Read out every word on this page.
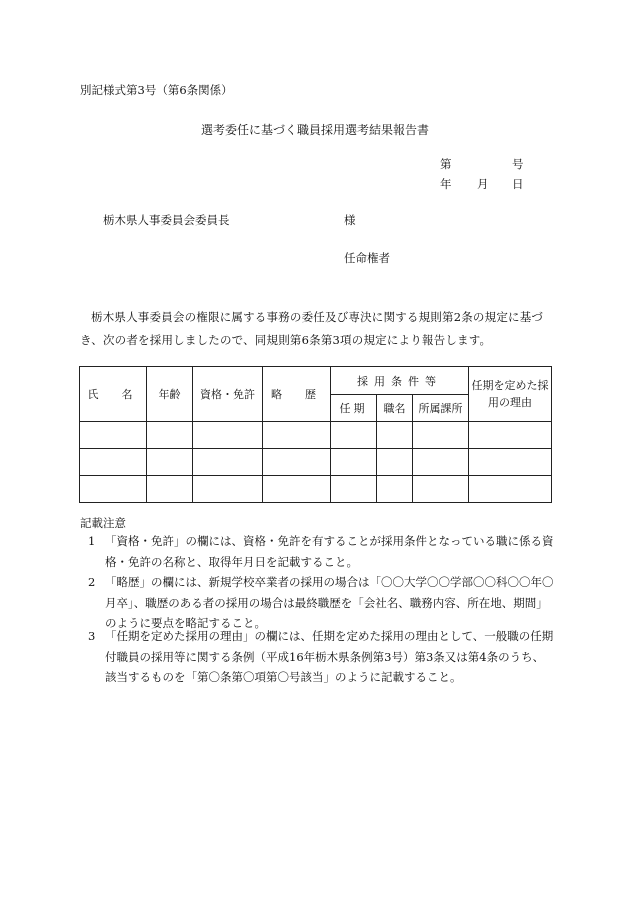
別記様式第3号（第6条関係）
選考委任に基づく職員採用選考結果報告書
第	号
年 月 日
栃木県人事委員会委員長	様
任命権者
栃木県人事委員会の権限に属する事務の委任及び専決に関する規則第2条の規定に基づき、次の者を採用しましたので、同規則第6条第3項の規定により報告します。
氏　名	年齢	資格・免許	略　歴	採用条件等			任期を定めた採用の理由
				任期	職名	所属課所	

記載注意
1 「資格・免許」の欄には、資格・免許を有することが採用条件となっている職に係る資格・免許の名称と、取得年月日を記載すること。
2 「略歴」の欄には、新規学校卒業者の採用の場合は「〇〇大学〇〇学部〇〇科〇〇年〇月卒」、職歴のある者の採用の場合は最終職歴を「会社名、職務内容、所在地、期間」のように要点を略記すること。
3 「任期を定めた採用の理由」の欄には、任期を定めた採用の理由として、一般職の任期付職員の採用等に関する条例（平成16年栃木県条例第3号）第3条又は第4条のうち、該当するものを「第〇条第〇項第〇号該当」のように記載すること。
